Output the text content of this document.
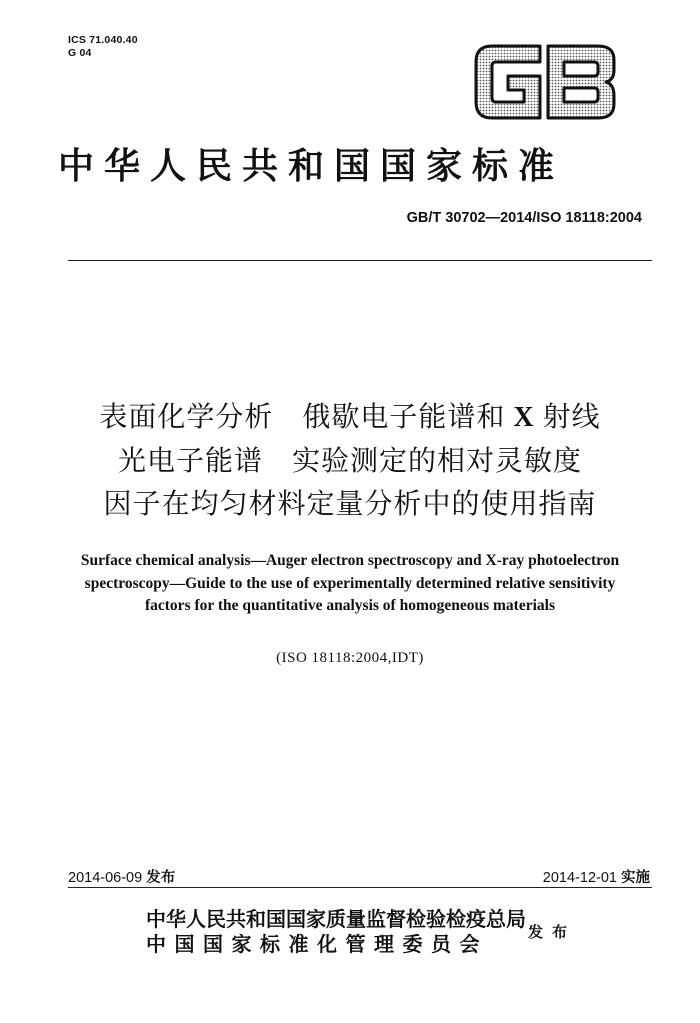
ICS 71.040.40
G 04
中华人民共和国国家标准
GB/T 30702—2014/ISO 18118:2004
表面化学分析　俄歇电子能谱和 X 射线
光电子能谱　实验测定的相对灵敏度
因子在均匀材料定量分析中的使用指南
Surface chemical analysis—Auger electron spectroscopy and X-ray photoelectron
spectroscopy—Guide to the use of experimentally determined relative sensitivity
factors for the quantitative analysis of homogeneous materials
(ISO 18118:2004,IDT)
2014-06-09 发布	2014-12-01 实施
中华人民共和国国家质量监督检验检疫总局
中国国家标准化管理委员会	发布
